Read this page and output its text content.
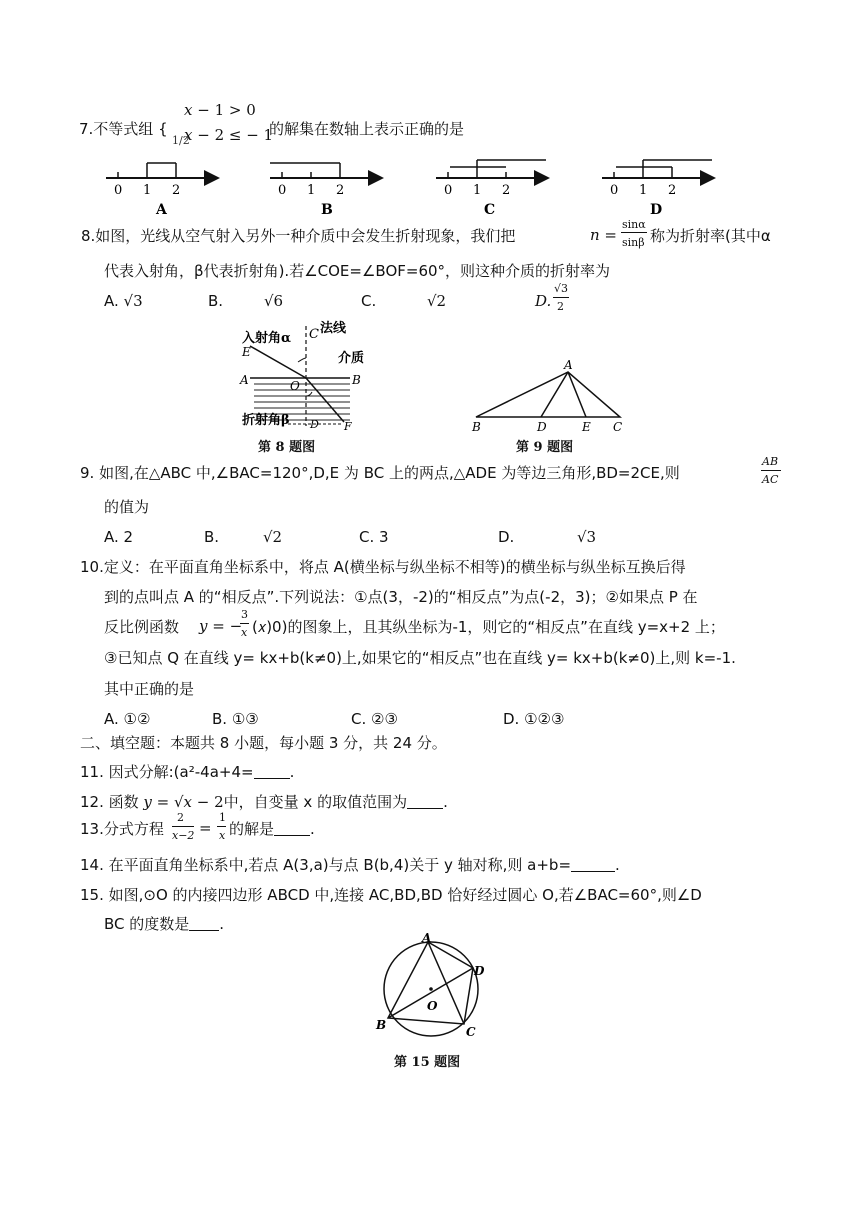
7.不等式组 {
𝑥 − 1 > 0
𝑥 − 2 ≤ − 1
1/2
的解集在数轴上表示正确的是
0 1 2
A
0 1 2
B
0 1 2
C
0 1 2
D
8.如图，光线从空气射入另外一种介质中会发生折射现象，我们把	𝑛 =
sinα
sinβ 称为折射率(其中α
代表入射角，β代表折射角).若∠COE=∠BOF=60°，则这种介质的折射率为
A. √3	B.	√6	C.	√2	D.
√3
2
入射角α C 法线
E	介质
A	B
O
折射角β D F
第 8 题图
A
B	D	E C
第 9 题图
9. 如图,在△ABC 中,∠BAC=120°,D,E 为 BC 上的两点,△ADE 为等边三角形,BD=2CE,则
AB
AC
的值为
A. 2	B.	√2	C. 3	D.	√3
10.定义：在平面直角坐标系中，将点 A(横坐标与纵坐标不相等)的横坐标与纵坐标互换后得
到的点叫点 A 的“相反点”.下列说法：①点(3，-2)的“相反点”为点(-2，3)；②如果点 P 在
反比例函数 𝑦 = −
3
x (𝑥)0)的图象上，且其纵坐标为-1，则它的“相反点”在直线 y=x+2 上；
③已知点 Q 在直线 y= kx+b(k≠0)上,如果它的“相反点”也在直线 y= kx+b(k≠0)上,则 k=-1.
其中正确的是
A. ①②	B. ①③	C. ②③	D. ①②③
二、填空题：本题共 8 小题，每小题 3 分，共 24 分。
11. 因式分解:(a²-4a+4= .
12. 函数 𝑦 = √𝑥 − 2中，自变量 x 的取值范围为 .
13.分式方程
2
x−2 =
1
x 的解是 .
14. 在平面直角坐标系中,若点 A(3,a)与点 B(b,4)关于 y 轴对称,则 a+b=	.
15. 如图,⊙O 的内接四边形 ABCD 中,连接 AC,BD,BD 恰好经过圆心 O,若∠BAC=60°,则∠D
BC 的度数是 .
A
D
O
B	C
第 15 题图
